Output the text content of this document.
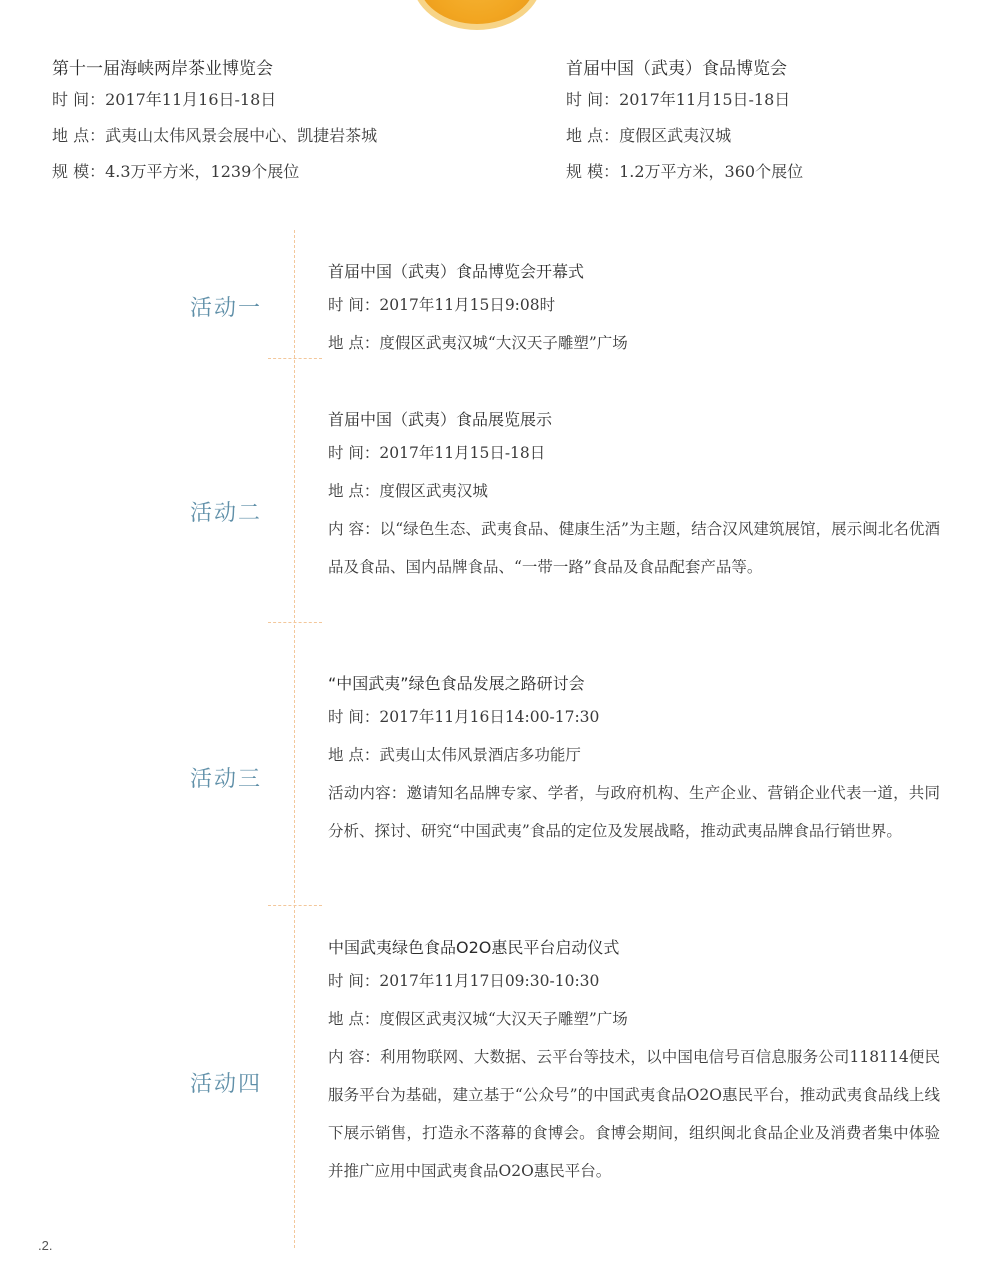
第十一届海峡两岸茶业博览会
时 间：2017年11月16日-18日
地 点：武夷山太伟风景会展中心、凯捷岩茶城
规 模：4.3万平方米，1239个展位
首届中国（武夷）食品博览会
时 间：2017年11月15日-18日
地 点：度假区武夷汉城
规 模：1.2万平方米，360个展位
活动一
活动二
活动三
活动四
首届中国（武夷）食品博览会开幕式
时 间：2017年11月15日9:08时
地 点：度假区武夷汉城“大汉天子雕塑”广场
首届中国（武夷）食品展览展示
时 间：2017年11月15日-18日
地 点：度假区武夷汉城
内 容：以“绿色生态、武夷食品、健康生活”为主题，结合汉风建筑展馆，展示闽北名优酒品及食品、国内品牌食品、“一带一路”食品及食品配套产品等。
“中国武夷”绿色食品发展之路研讨会
时 间：2017年11月16日14:00-17:30
地 点：武夷山太伟风景酒店多功能厅
活动内容：邀请知名品牌专家、学者，与政府机构、生产企业、营销企业代表一道，共同分析、探讨、研究“中国武夷”食品的定位及发展战略，推动武夷品牌食品行销世界。
中国武夷绿色食品O2O惠民平台启动仪式
时 间：2017年11月17日09:30-10:30
地 点：度假区武夷汉城“大汉天子雕塑”广场
内 容：利用物联网、大数据、云平台等技术，以中国电信号百信息服务公司118114便民服务平台为基础，建立基于“公众号”的中国武夷食品O2O惠民平台，推动武夷食品线上线下展示销售，打造永不落幕的食博会。食博会期间，组织闽北食品企业及消费者集中体验并推广应用中国武夷食品O2O惠民平台。
.2.
